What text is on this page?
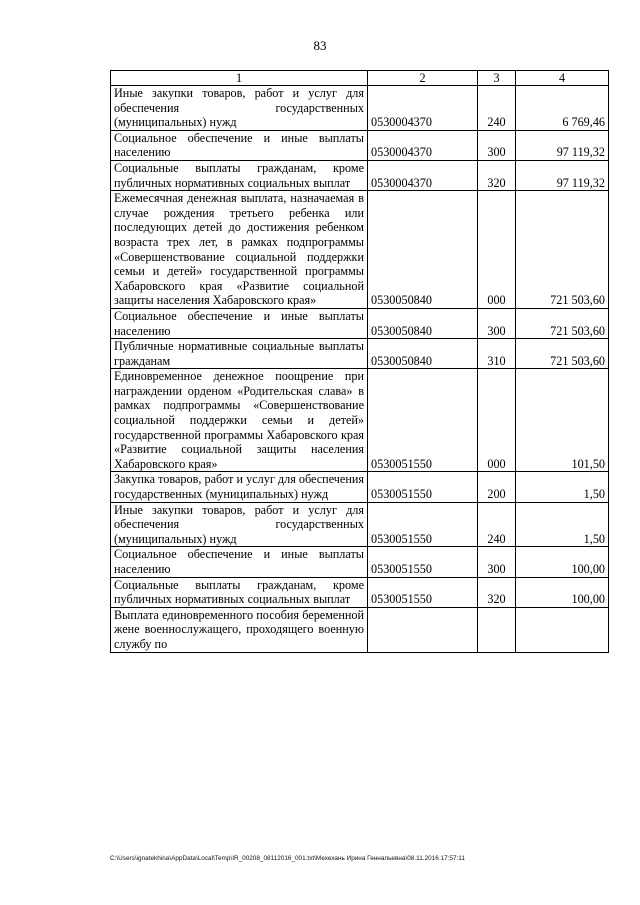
83
1	2	3	4
Иные закупки товаров, работ и услуг для обеспечения государственных (муниципальных) нужд	0530004370	240	6 769,46
Социальное обеспечение и иные выплаты населению	0530004370	300	97 119,32
Социальные выплаты гражданам, кроме публичных нормативных социальных выплат	0530004370	320	97 119,32
Ежемесячная денежная выплата, назначаемая в случае рождения третьего ребенка или последующих детей до достижения ребенком возраста трех лет, в рамках подпрограммы «Совершенствование социальной поддержки семьи и детей» государственной программы Хабаровского края «Развитие социальной защиты населения Хабаровского края»	0530050840	000	721 503,60
Социальное обеспечение и иные выплаты населению	0530050840	300	721 503,60
Публичные нормативные социальные выплаты гражданам	0530050840	310	721 503,60
Единовременное денежное поощрение при награждении орденом «Родительская слава» в рамках подпрограммы «Совершенствование социальной поддержки семьи и детей» государственной программы Хабаровского края «Развитие социальной защиты населения Хабаровского края»	0530051550	000	101,50
Закупка товаров, работ и услуг для обеспечения государственных (муниципальных) нужд	0530051550	200	1,50
Иные закупки товаров, работ и услуг для обеспечения государственных (муниципальных) нужд	0530051550	240	1,50
Социальное обеспечение и иные выплаты населению	0530051550	300	100,00
Социальные выплаты гражданам, кроме публичных нормативных социальных выплат	0530051550	320	100,00
Выплата единовременного пособия беременной жене военнослужащего, проходящего военную службу по			
C:\Users\ignatekhina\AppData\Local\Temp\IR_00208_08112016_001.txt\Мехехань Ирина Геннальевна\08.11.2016 17:57:11
